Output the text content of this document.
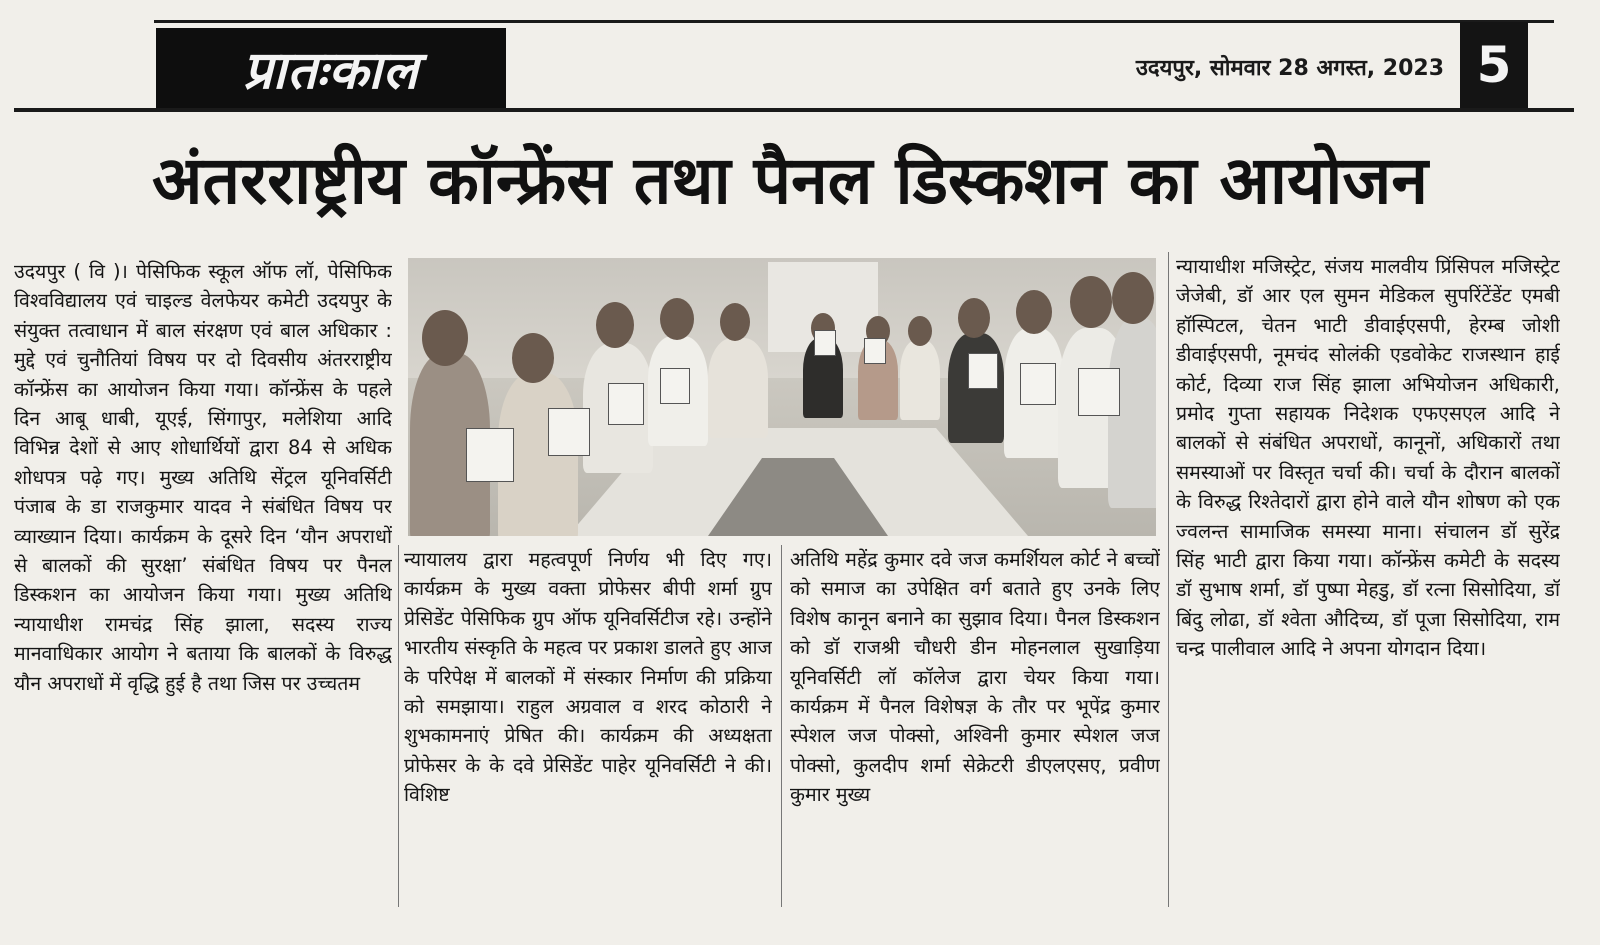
प्रातःकाल	उदयपुर, सोमवार 28 अगस्त, 2023 5
अंतरराष्ट्रीय कॉन्फ्रेंस तथा पैनल डिस्कशन का आयोजन

उदयपुर ( वि )। पेसिफिक स्कूल ऑफ लॉ, पेसिफिक विश्वविद्यालय एवं चाइल्ड वेलफेयर कमेटी उदयपुर के संयुक्त तत्वाधान में बाल संरक्षण एवं बाल अधिकार : मुद्दे एवं चुनौतियां विषय पर दो दिवसीय अंतरराष्ट्रीय कॉन्फ्रेंस का आयोजन किया गया। कॉन्फ्रेंस के पहले दिन आबू धाबी, यूएई, सिंगापुर, मलेशिया आदि विभिन्न देशों से आए शोधार्थियों द्वारा 84 से अधिक शोधपत्र पढ़े गए। मुख्य अतिथि सेंट्रल यूनिवर्सिटी पंजाब के डा राजकुमार यादव ने संबंधित विषय पर व्याख्यान दिया। कार्यक्रम के दूसरे दिन ‘यौन अपराधों से बालकों की सुरक्षा’ संबंधित विषय पर पैनल डिस्कशन का आयोजन किया गया। मुख्य अतिथि न्यायाधीश रामचंद्र सिंह झाला, सदस्य राज्य मानवाधिकार आयोग ने बताया कि बालकों के विरुद्ध यौन अपराधों में वृद्धि हुई है तथा जिस पर उच्चतम

न्यायालय द्वारा महत्वपूर्ण निर्णय भी दिए गए। कार्यक्रम के मुख्य वक्ता प्रोफेसर बीपी शर्मा ग्रुप प्रेसिडेंट पेसिफिक ग्रुप ऑफ यूनिवर्सिटीज रहे। उन्होंने भारतीय संस्कृति के महत्व पर प्रकाश डालते हुए आज के परिपेक्ष में बालकों में संस्कार निर्माण की प्रक्रिया को समझाया। राहुल अग्रवाल व शरद कोठारी ने शुभकामनाएं प्रेषित की। कार्यक्रम की अध्यक्षता प्रोफेसर के के दवे प्रेसिडेंट पाहेर यूनिवर्सिटी ने की। विशिष्ट

अतिथि महेंद्र कुमार दवे जज कमर्शियल कोर्ट ने बच्चों को समाज का उपेक्षित वर्ग बताते हुए उनके लिए विशेष कानून बनाने का सुझाव दिया। पैनल डिस्कशन को डॉ राजश्री चौधरी डीन मोहनलाल सुखाड़िया यूनिवर्सिटी लॉ कॉलेज द्वारा चेयर किया गया। कार्यक्रम में पैनल विशेषज्ञ के तौर पर भूपेंद्र कुमार स्पेशल जज पोक्सो, अश्विनी कुमार स्पेशल जज पोक्सो, कुलदीप शर्मा सेक्रेटरी डीएलएसए, प्रवीण कुमार मुख्य

न्यायाधीश मजिस्ट्रेट, संजय मालवीय प्रिंसिपल मजिस्ट्रेट जेजेबी, डॉ आर एल सुमन मेडिकल सुपरिंटेंडेंट एमबी हॉस्पिटल, चेतन भाटी डीवाईएसपी, हेरम्ब जोशी डीवाईएसपी, नूमचंद सोलंकी एडवोकेट राजस्थान हाई कोर्ट, दिव्या राज सिंह झाला अभियोजन अधिकारी, प्रमोद गुप्ता सहायक निदेशक एफएसएल आदि ने बालकों से संबंधित अपराधों, कानूनों, अधिकारों तथा समस्याओं पर विस्तृत चर्चा की। चर्चा के दौरान बालकों के विरुद्ध रिश्तेदारों द्वारा होने वाले यौन शोषण को एक ज्वलन्त सामाजिक समस्या माना। संचालन डॉ सुरेंद्र सिंह भाटी द्वारा किया गया। कॉन्फ्रेंस कमेटी के सदस्य डॉ सुभाष शर्मा, डॉ पुष्पा मेहडु, डॉ रत्ना सिसोदिया, डॉ बिंदु लोढा, डॉ श्वेता औदिच्य, डॉ पूजा सिसोदिया, राम चन्द्र पालीवाल आदि ने अपना योगदान दिया।
